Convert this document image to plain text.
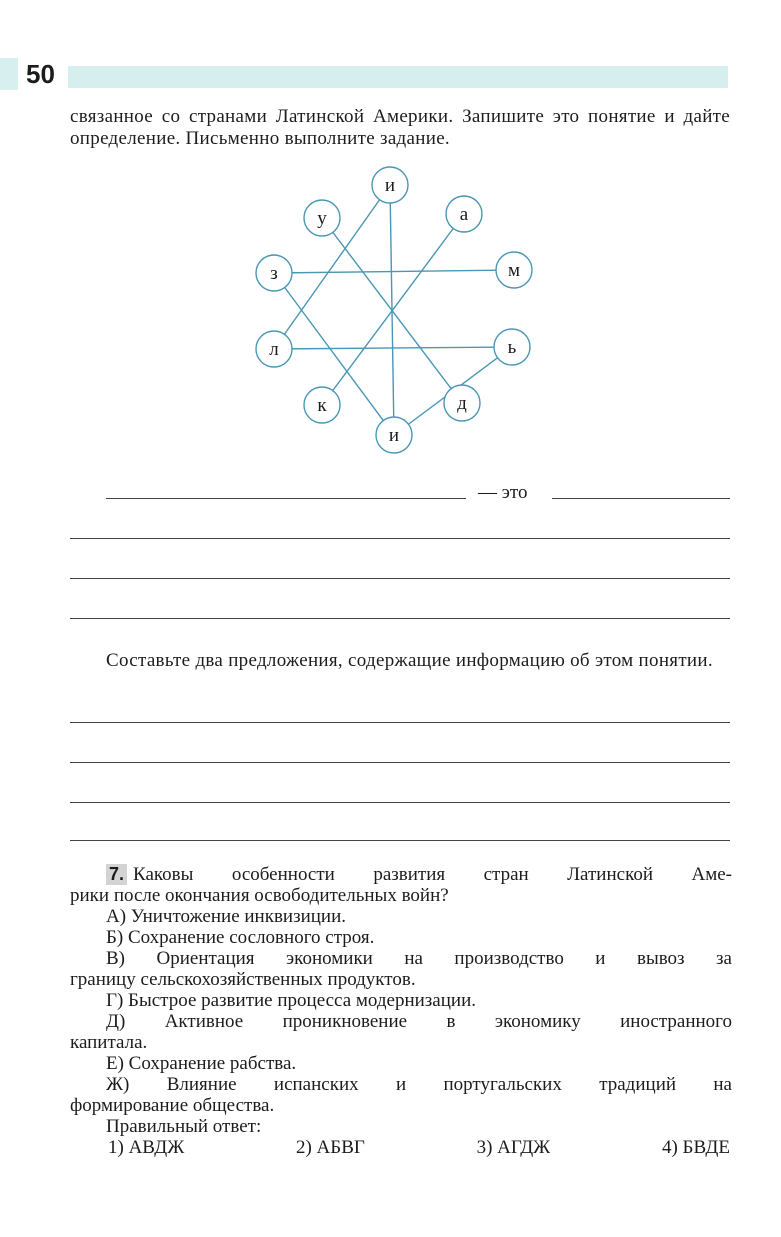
50
связанное со странами Латинской Америки. Запишите это понятие и дайте определение. Письменно выполните задание.
и
у	а
з	м
л	ь
к	д
и
— это
Составьте два предложения, содержащие информацию об этом понятии.
7. Каковы особенности развития стран Латинской Аме-
рики после окончания освободительных войн?
А) Уничтожение инквизиции.
Б) Сохранение сословного строя.
В) Ориентация экономики на производство и вывоз за
границу сельскохозяйственных продуктов.
Г) Быстрое развитие процесса модернизации.
Д) Активное проникновение в экономику иностранного
капитала.
Е) Сохранение рабства.
Ж) Влияние испанских и португальских традиций на
формирование общества.
Правильный ответ:
1) АВДЖ	2) АБВГ	3) АГДЖ	4) БВДЕ
